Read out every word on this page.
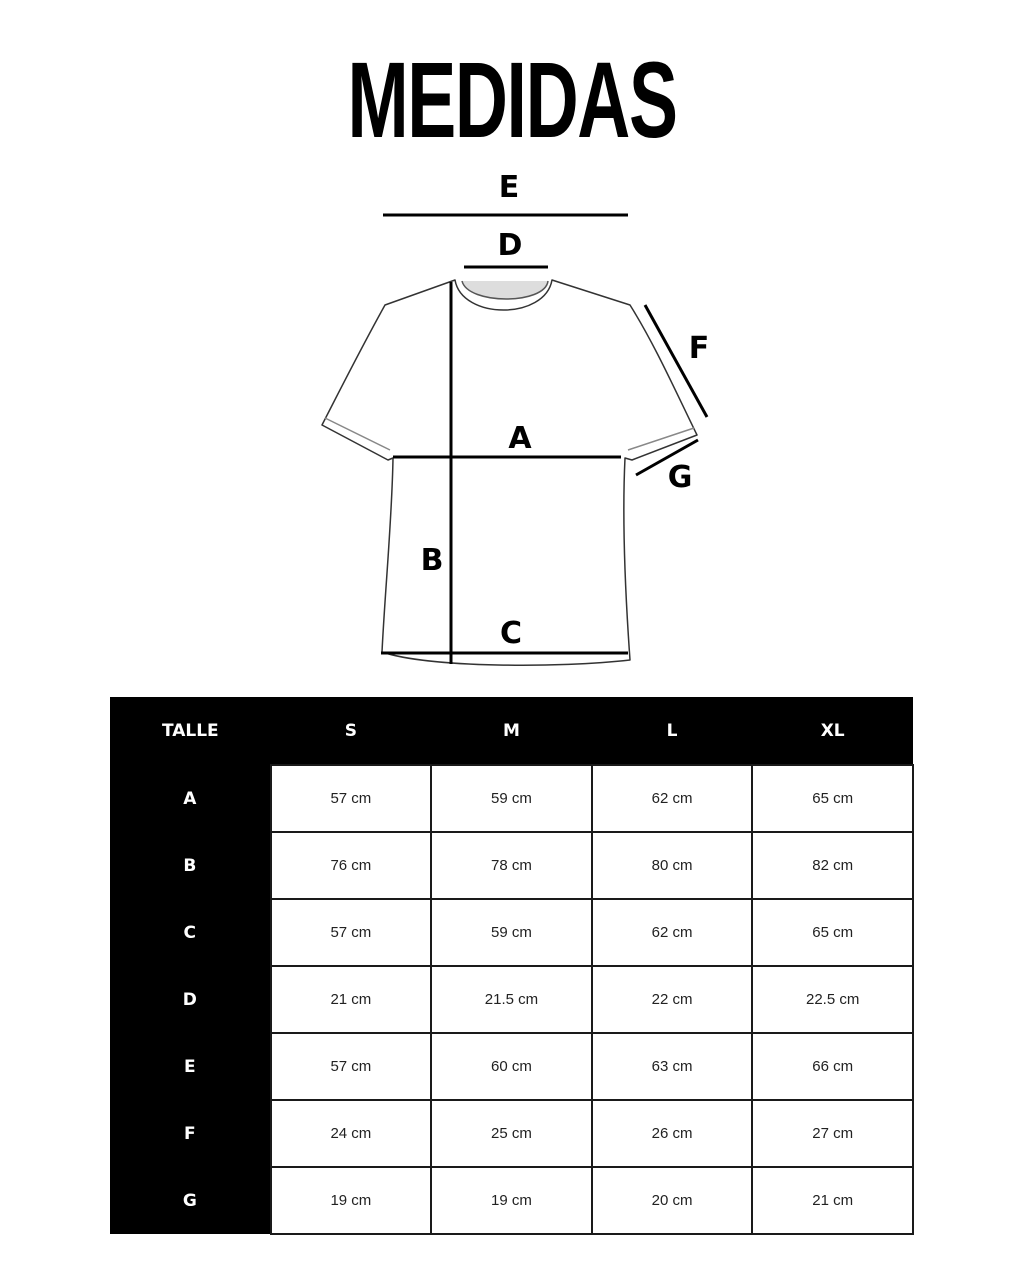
MEDIDAS
E
D
F
A
G
B
C
TALLE	S	M	L	XL
A	57 cm	59 cm	62 cm	65 cm
B	76 cm	78 cm	80 cm	82 cm
C	57 cm	59 cm	62 cm	65 cm
D	21 cm	21.5 cm	22 cm	22.5 cm
E	57 cm	60 cm	63 cm	66 cm
F	24 cm	25 cm	26 cm	27 cm
G	19 cm	19 cm	20 cm	21 cm
